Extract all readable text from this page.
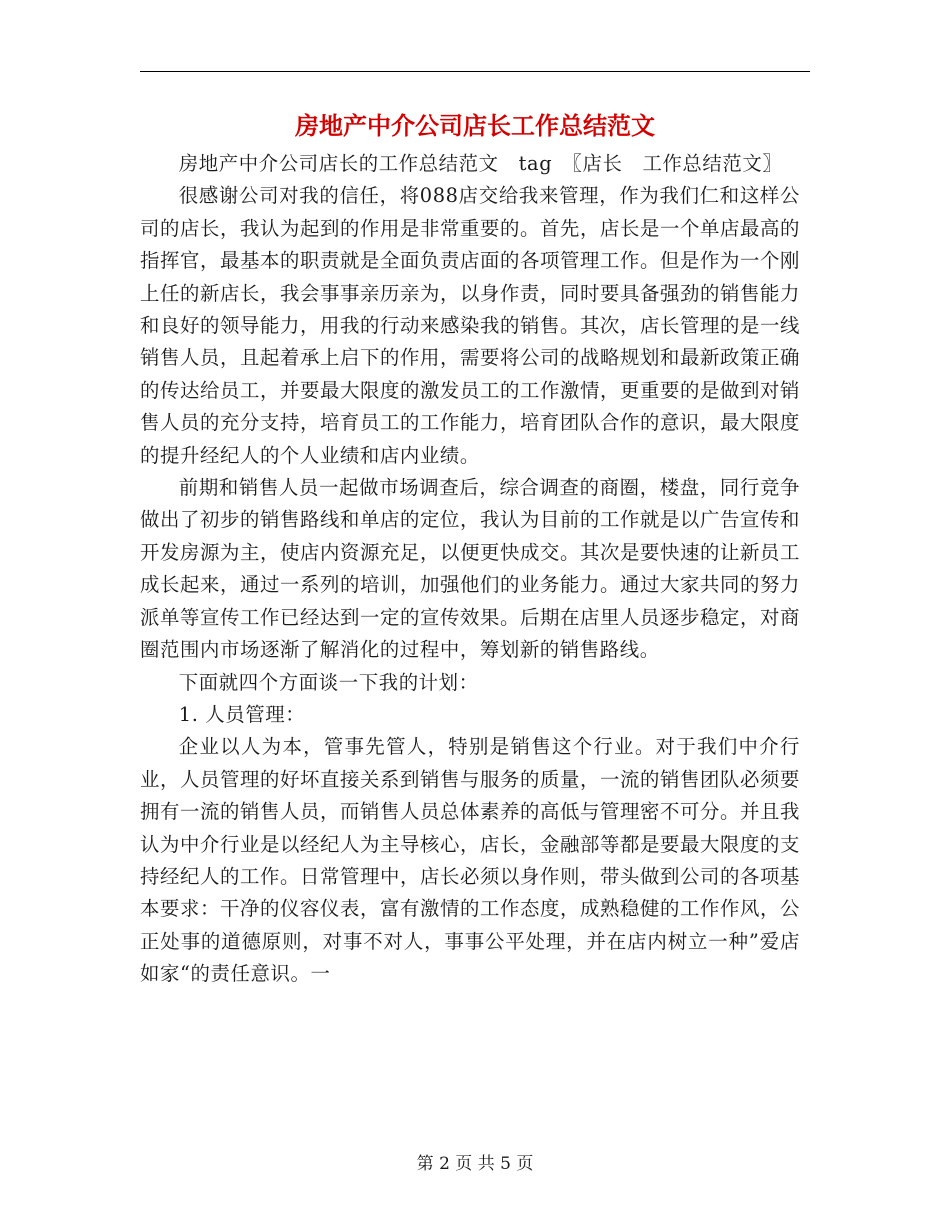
房地产中介公司店长工作总结范文

房地产中介公司店长的工作总结范文　tag　〖店长　工作总结范文〗

很感谢公司对我的信任，将088店交给我来管理，作为我们仁和这样公司的店长，我认为起到的作用是非常重要的。首先，店长是一个单店最高的指挥官，最基本的职责就是全面负责店面的各项管理工作。但是作为一个刚上任的新店长，我会事事亲历亲为，以身作责，同时要具备强劲的销售能力和良好的领导能力，用我的行动来感染我的销售。其次，店长管理的是一线销售人员，且起着承上启下的作用，需要将公司的战略规划和最新政策正确的传达给员工，并要最大限度的激发员工的工作激情，更重要的是做到对销售人员的充分支持，培育员工的工作能力，培育团队合作的意识，最大限度的提升经纪人的个人业绩和店内业绩。

前期和销售人员一起做市场调查后，综合调查的商圈，楼盘，同行竞争做出了初步的销售路线和单店的定位，我认为目前的工作就是以广告宣传和开发房源为主，使店内资源充足，以便更快成交。其次是要快速的让新员工成长起来，通过一系列的培训，加强他们的业务能力。通过大家共同的努力派单等宣传工作已经达到一定的宣传效果。后期在店里人员逐步稳定，对商圈范围内市场逐渐了解消化的过程中，筹划新的销售路线。

下面就四个方面谈一下我的计划：

1. 人员管理：

企业以人为本，管事先管人，特别是销售这个行业。对于我们中介行业，人员管理的好坏直接关系到销售与服务的质量，一流的销售团队必须要拥有一流的销售人员，而销售人员总体素养的高低与管理密不可分。并且我认为中介行业是以经纪人为主导核心，店长，金融部等都是要最大限度的支持经纪人的工作。日常管理中，店长必须以身作则，带头做到公司的各项基本要求：干净的仪容仪表，富有激情的工作态度，成熟稳健的工作作风，公正处事的道德原则，对事不对人，事事公平处理，并在店内树立一种”爱店如家“的责任意识。一

第 2 页 共 5 页
